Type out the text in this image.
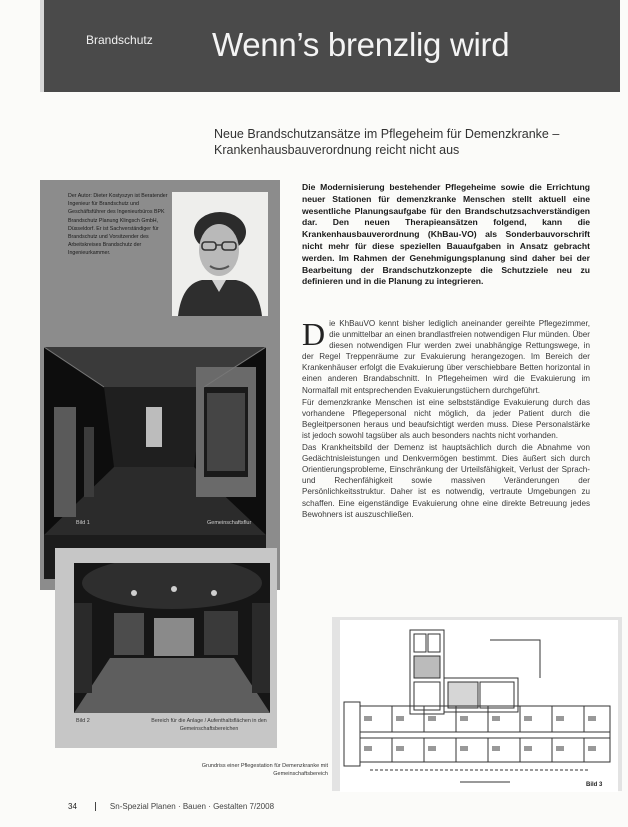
Brandschutz Wenn’s brenzlig wird
Neue Brandschutzansätze im Pflegeheim für Demenzkranke – Krankenhausbauverordnung reicht nicht aus
Die Modernisierung bestehender Pflegeheime sowie die Errichtung neuer Stationen für demenzkranke Menschen stellt aktuell eine wesentliche Planungsaufgabe für den Brandschutzsachverständigen dar. Den neuen Therapieansätzen folgend, kann die Krankenhausbauverordnung (KhBau-VO) als Sonderbauvorschrift nicht mehr für diese speziellen Bauaufgaben in Ansatz gebracht werden. Im Rahmen der Genehmigungsplanung sind daher bei der Bearbeitung der Brandschutzkonzepte die Schutzziele neu zu definieren und in die Planung zu integrieren.
D ie KhBauVO kennt bisher lediglich aneinander gereihte Pflegezimmer, die unmittelbar an einen brandlastfreien notwendigen Flur münden. Über diesen notwendigen Flur werden zwei unabhängige Rettungswege, in der Regel Treppenräume zur Evakuierung herangezogen. Im Bereich der Krankenhäuser erfolgt die Evakuierung über verschiebbare Betten horizontal in einen anderen Brandabschnitt. In Pflegeheimen wird die Evakuierung im Normalfall mit entsprechenden Evakuierungstüchern durchgeführt.

Für demenzkranke Menschen ist eine selbstständige Evakuierung durch das vorhandene Pflegepersonal nicht möglich, da jeder Patient durch die Begleitpersonen heraus und beaufsichtigt werden muss. Diese Personalstärke ist jedoch sowohl tagsüber als auch besonders nachts nicht vorhanden.

Das Krankheitsbild der Demenz ist hauptsächlich durch die Abnahme von Gedächtnisleistungen und Denkvermögen bestimmt. Dies äußert sich durch Orientierungsprobleme, Einschränkung der Urteilsfähigkeit, Verlust der Sprach- und Rechenfähigkeit sowie massiven Veränderungen der Persönlichkeitsstruktur. Daher ist es notwendig, vertraute Umgebungen zu schaffen. Eine eigenständige Evakuierung ohne eine direkte Betreuung jedes Bewohners ist auszuschließen.

Der Autor: Dieter Kostyszyn ist Beratender Ingenieur für Brandschutz und Geschäftsführer des Ingenieurbüros BPK Brandschutz Planung Klingsch GmbH, Düsseldorf. Er ist Sachverständiger für Brandschutz und Vorsitzender des Arbeitskreises Brandschutz der Ingenieurkammer.
Bild 1	Gemeinschaftsflur
Bild 2	Bereich für die Anlage / Aufenthaltsflächen in den Gemeinschaftsbereichen
Grundriss einer Pflegestation für Demenzkranke mit Gemeinschaftsbereich
Bild 3
34	Sn-Spezial Planen · Bauen · Gestalten 7/2008
